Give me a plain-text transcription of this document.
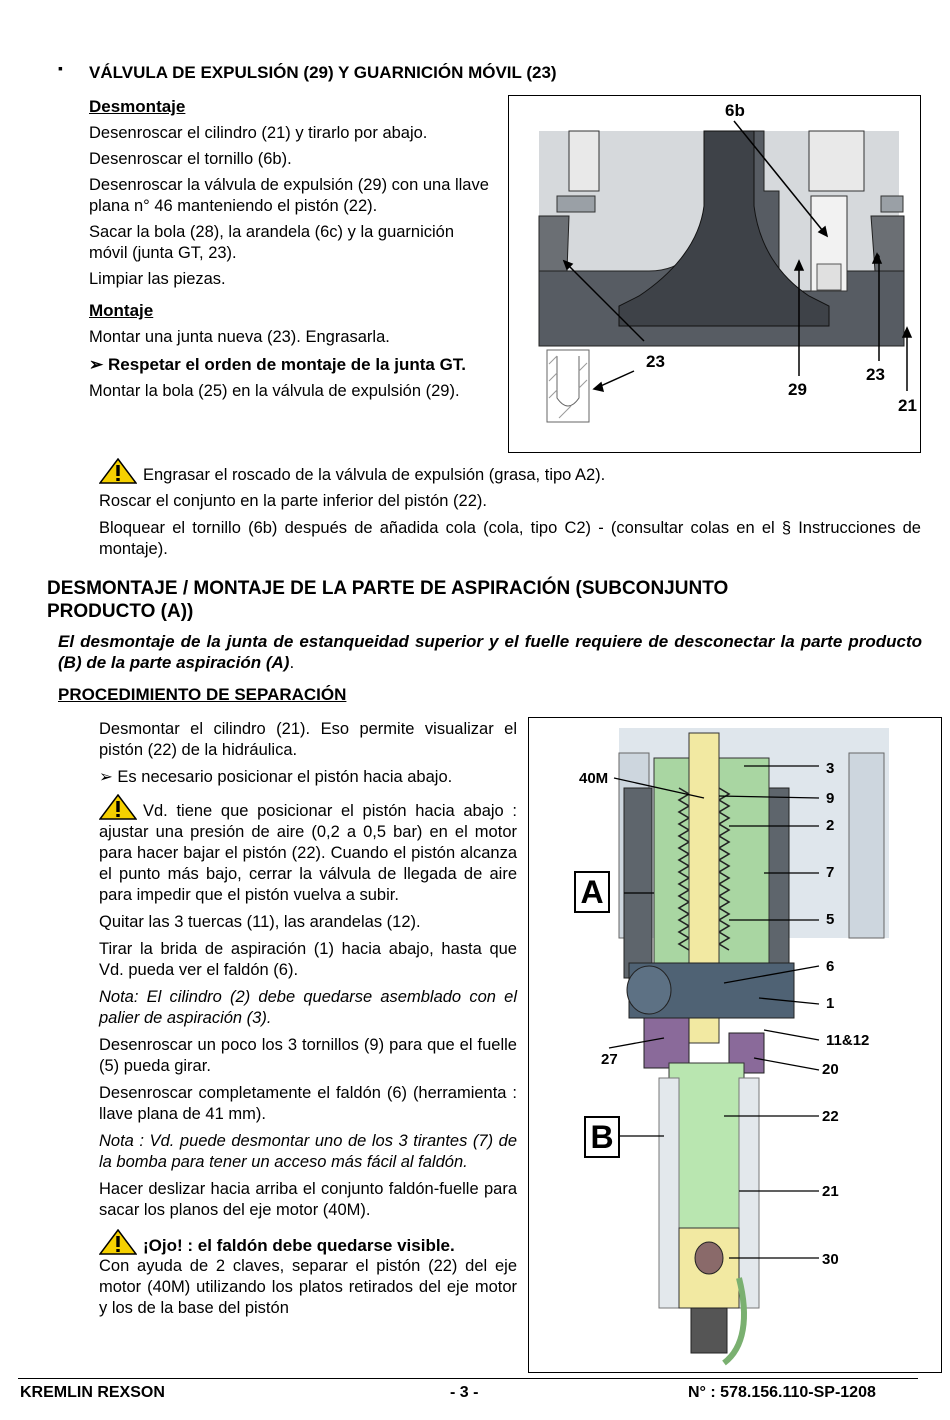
▪ VÁLVULA DE EXPULSIÓN (29) Y GUARNICIÓN MÓVIL (23)

Desmontaje

Desenroscar el cilindro (21) y tirarlo por abajo.

Desenroscar el tornillo (6b).

Desenroscar la válvula de expulsión (29) con una llave plana n° 46 manteniendo el pistón (22).

Sacar la bola (28), la arandela (6c) y la guarnición móvil (junta GT, 23).

Limpiar las piezas.

Montaje

Montar una junta nueva (23). Engrasarla.

➢ Respetar el orden de montaje de la junta GT.

Montar la bola (25) en la válvula de expulsión (29).

6b
23
29
23
21

Engrasar el roscado de la válvula de expulsión (grasa, tipo A2).

Roscar el conjunto en la parte inferior del pistón (22).

Bloquear el tornillo (6b) después de añadida cola (cola, tipo C2) - (consultar colas en el § Instrucciones de montaje).

DESMONTAJE / MONTAJE DE LA PARTE DE ASPIRACIÓN (SUBCONJUNTO PRODUCTO (A))
El desmontaje de la junta de estanqueidad superior y el fuelle requiere de desconectar la parte producto (B) de la parte aspiración (A).
PROCEDIMIENTO DE SEPARACIÓN

Desmontar el cilindro (21). Eso permite visualizar el pistón (22) de la hidráulica.

➢ Es necesario posicionar el pistón hacia abajo.

Vd. tiene que posicionar el pistón hacia abajo : ajustar una presión de aire (0,2 a 0,5 bar) en el motor para hacer bajar el pistón (22). Cuando el pistón alcanza el punto más bajo, cerrar la válvula de llegada de aire para impedir que el pistón vuelva a subir.

Quitar las 3 tuercas (11), las arandelas (12).

Tirar la brida de aspiración (1) hacia abajo, hasta que Vd. pueda ver el faldón (6).

Nota: El cilindro (2) debe quedarse asemblado con el palier de aspiración (3).

Desenroscar un poco los 3 tornillos (9) para que el fuelle (5) pueda girar.

Desenroscar completamente el faldón (6) (herramienta : llave plana de 41 mm).

Nota : Vd. puede desmontar uno de los 3 tirantes (7) de la bomba para tener un acceso más fácil al faldón.

Hacer deslizar hacia arriba el conjunto faldón-fuelle para sacar los planos del eje motor (40M).

¡Ojo! : el faldón debe quedarse visible.

Con ayuda de 2 claves, separar el pistón (22) del eje motor (40M) utilizando los platos retirados del eje motor y los de la base del pistón

40M
A
B
27
3
9
2
7
5
6
1
11&12
20
22
21
30
KREMLIN REXSON	- 3 -	N° : 578.156.110-SP-1208
